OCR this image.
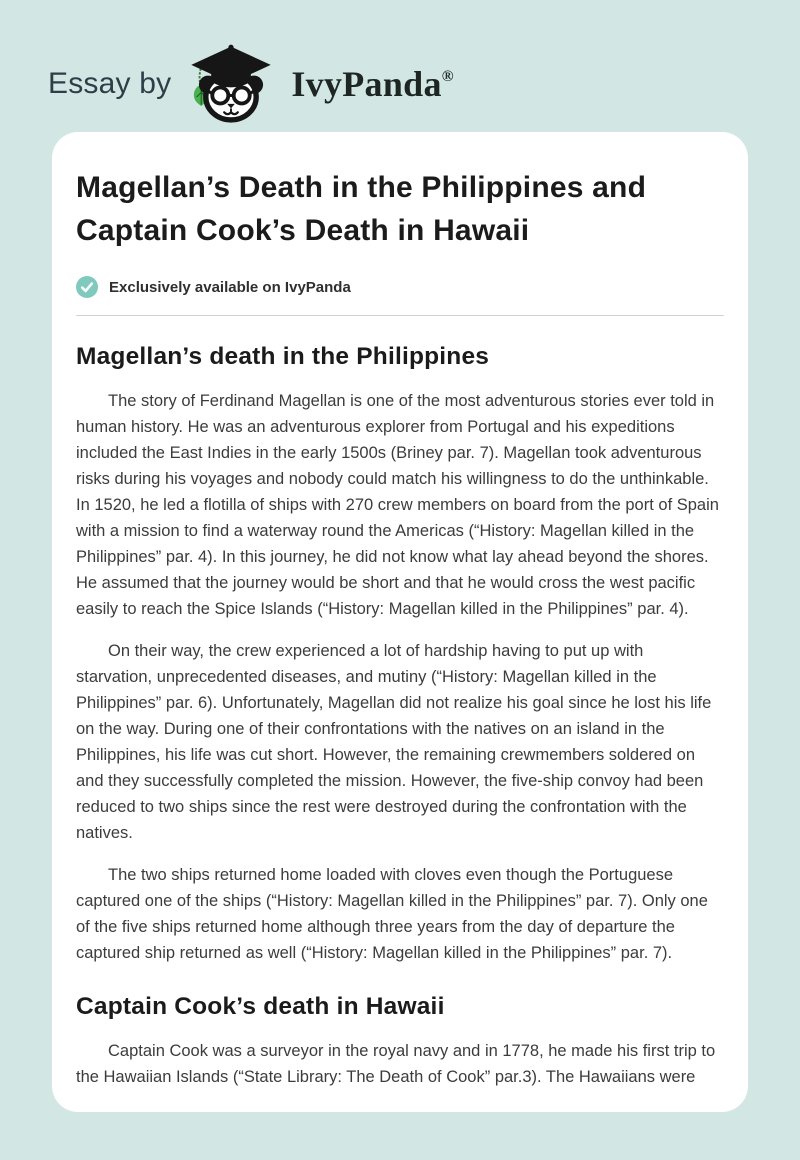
Essay by	IvyPanda®
Magellan’s Death in the Philippines and Captain Cook’s Death in Hawaii
Exclusively available on IvyPanda
Magellan’s death in the Philippines

The story of Ferdinand Magellan is one of the most adventurous stories ever told in human history. He was an adventurous explorer from Portugal and his expeditions included the East Indies in the early 1500s (Briney par. 7). Magellan took adventurous risks during his voyages and nobody could match his willingness to do the unthinkable. In 1520, he led a flotilla of ships with 270 crew members on board from the port of Spain with a mission to find a waterway round the Americas (“History: Magellan killed in the Philippines” par. 4). In this journey, he did not know what lay ahead beyond the shores. He assumed that the journey would be short and that he would cross the west pacific easily to reach the Spice Islands (“History: Magellan killed in the Philippines” par. 4).

On their way, the crew experienced a lot of hardship having to put up with starvation, unprecedented diseases, and mutiny (“History: Magellan killed in the Philippines” par. 6). Unfortunately, Magellan did not realize his goal since he lost his life on the way. During one of their confrontations with the natives on an island in the Philippines, his life was cut short. However, the remaining crewmembers soldered on and they successfully completed the mission. However, the five-ship convoy had been reduced to two ships since the rest were destroyed during the confrontation with the natives.

The two ships returned home loaded with cloves even though the Portuguese captured one of the ships (“History: Magellan killed in the Philippines” par. 7). Only one of the five ships returned home although three years from the day of departure the captured ship returned as well (“History: Magellan killed in the Philippines” par. 7).

Captain Cook’s death in Hawaii

Captain Cook was a surveyor in the royal navy and in 1778, he made his first trip to the Hawaiian Islands (“State Library: The Death of Cook” par.3). The Hawaiians were
